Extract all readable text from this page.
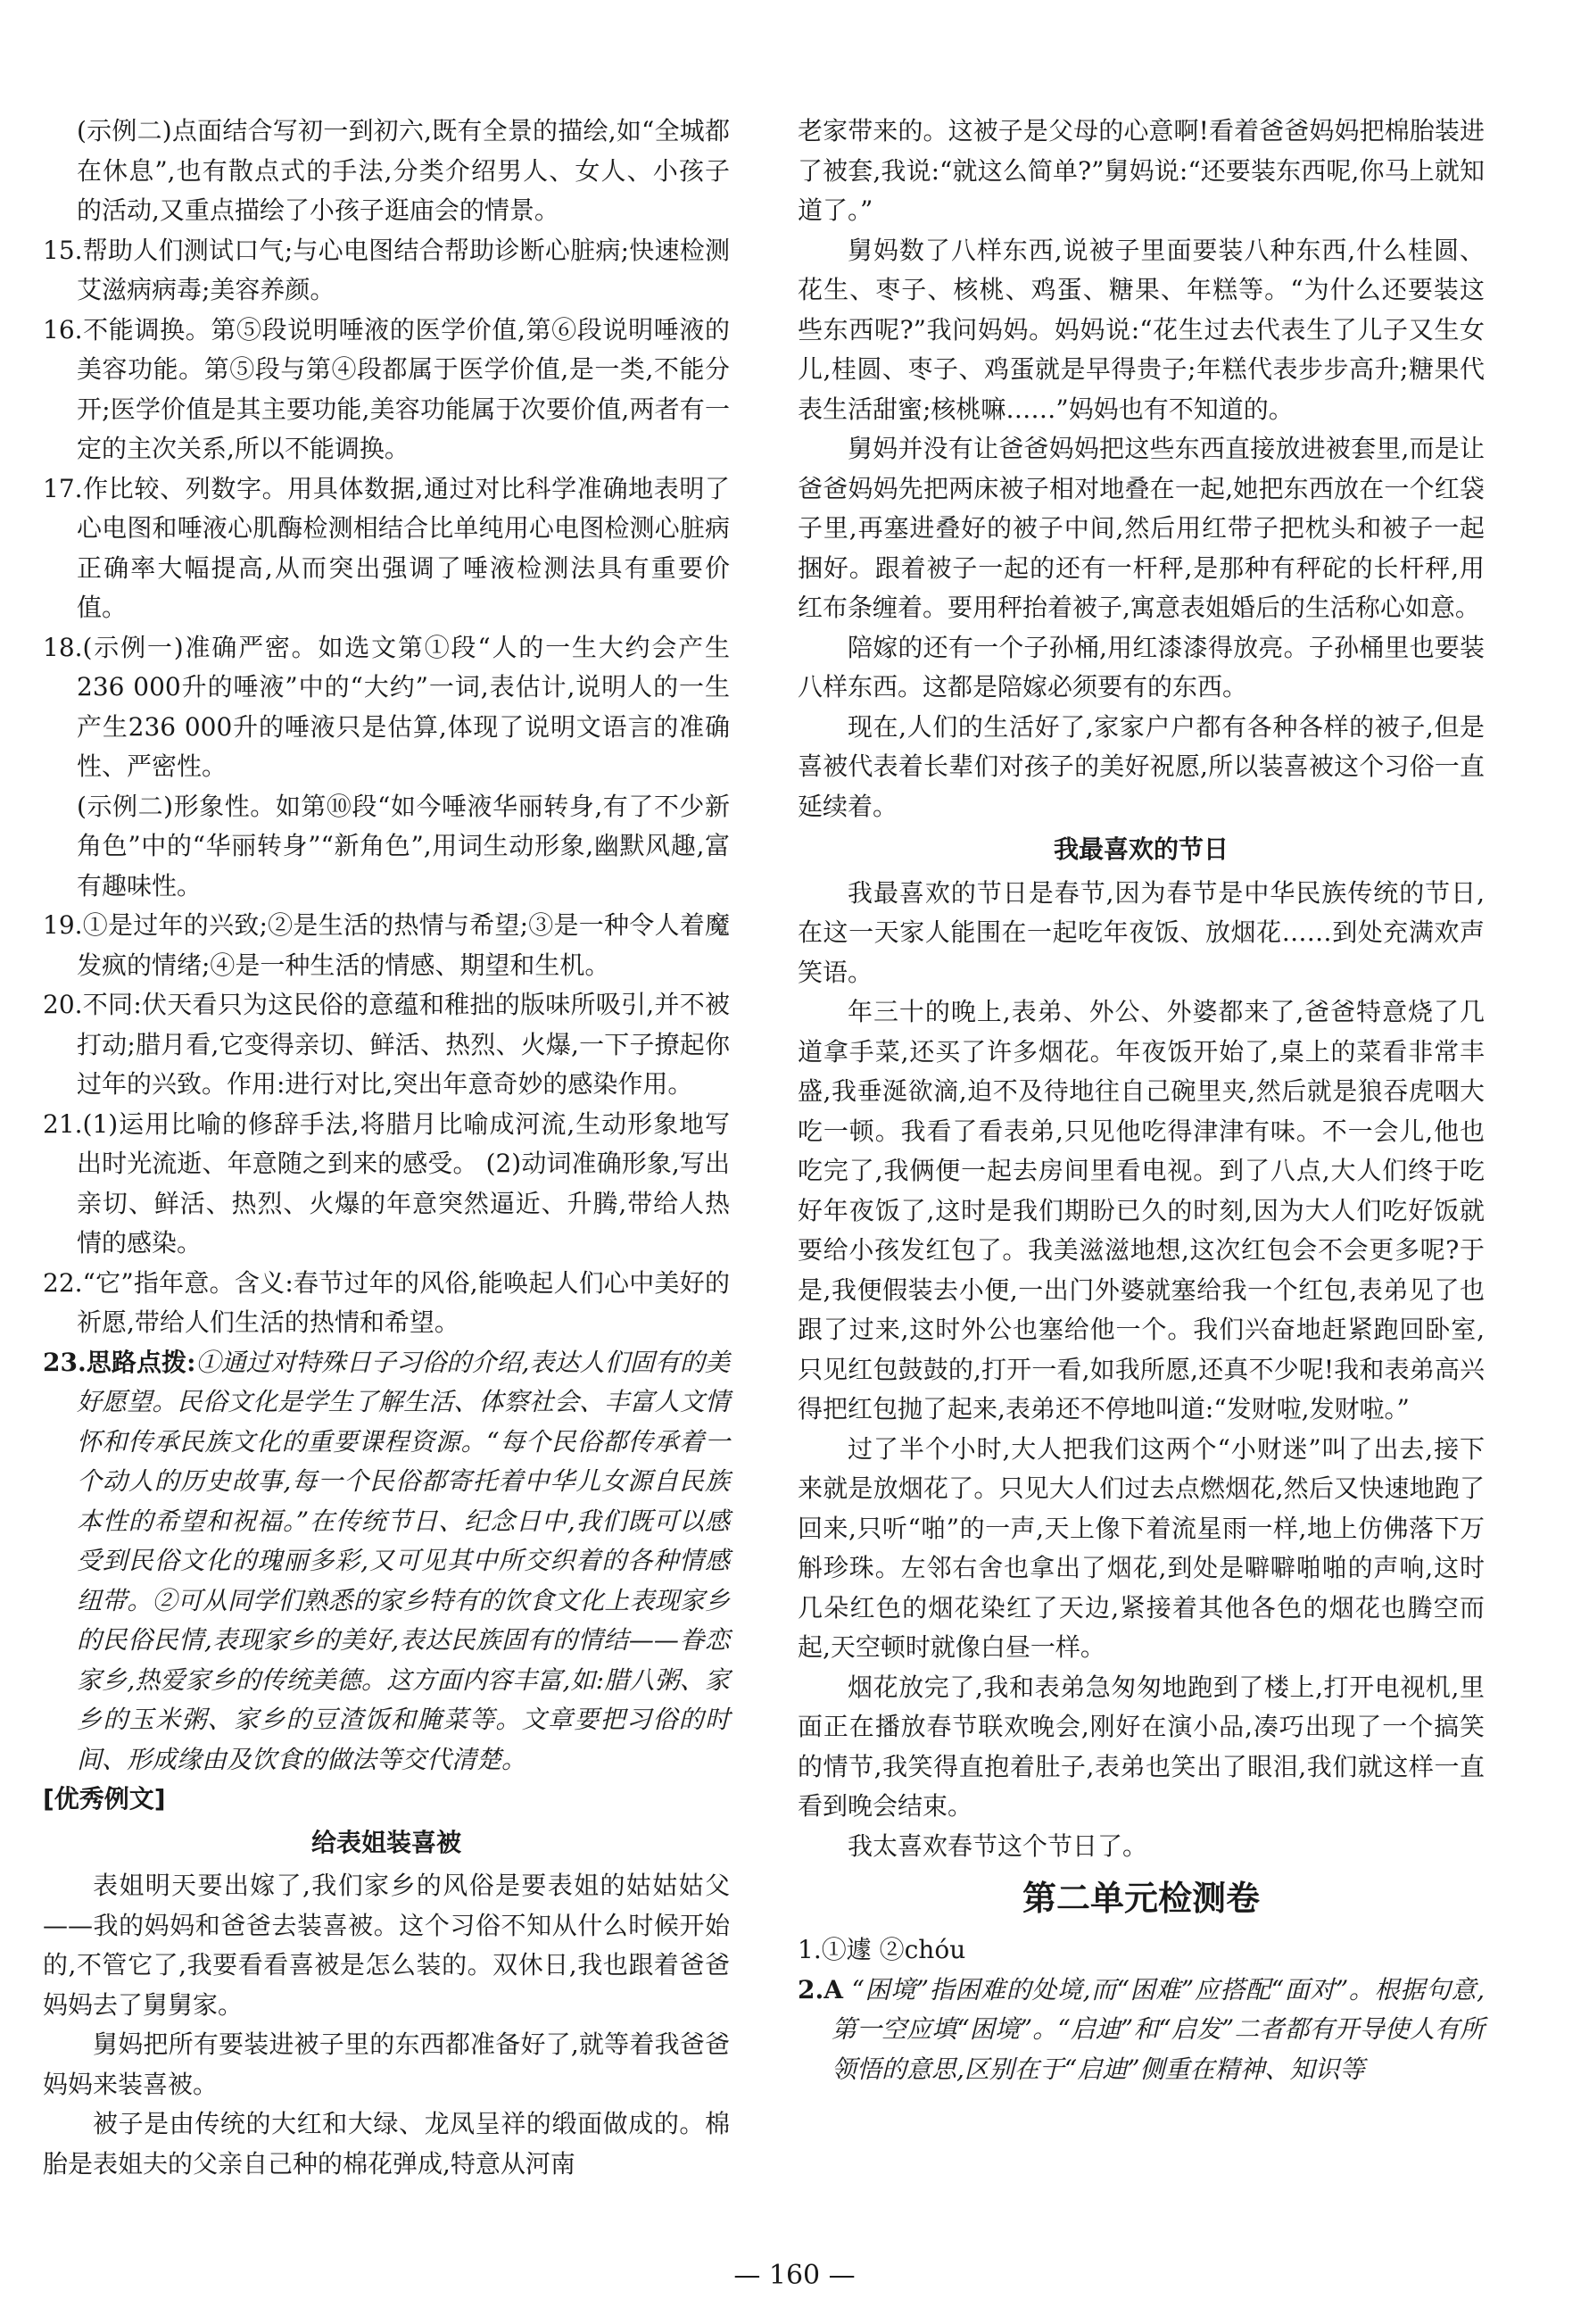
(示例二)点面结合写初一到初六,既有全景的描绘,如“全城都在休息”,也有散点式的手法,分类介绍男人、女人、小孩子的活动,又重点描绘了小孩子逛庙会的情景。

15.帮助人们测试口气;与心电图结合帮助诊断心脏病;快速检测艾滋病病毒;美容养颜。

16.不能调换。第⑤段说明唾液的医学价值,第⑥段说明唾液的美容功能。第⑤段与第④段都属于医学价值,是一类,不能分开;医学价值是其主要功能,美容功能属于次要价值,两者有一定的主次关系,所以不能调换。

17.作比较、列数字。用具体数据,通过对比科学准确地表明了心电图和唾液心肌酶检测相结合比单纯用心电图检测心脏病正确率大幅提高,从而突出强调了唾液检测法具有重要价值。

18.(示例一)准确严密。如选文第①段“人的一生大约会产生236 000升的唾液”中的“大约”一词,表估计,说明人的一生产生236 000升的唾液只是估算,体现了说明文语言的准确性、严密性。

(示例二)形象性。如第⑩段“如今唾液华丽转身,有了不少新角色”中的“华丽转身”“新角色”,用词生动形象,幽默风趣,富有趣味性。

19.①是过年的兴致;②是生活的热情与希望;③是一种令人着魔发疯的情绪;④是一种生活的情感、期望和生机。

20.不同:伏天看只为这民俗的意蕴和稚拙的版味所吸引,并不被打动;腊月看,它变得亲切、鲜活、热烈、火爆,一下子撩起你过年的兴致。作用:进行对比,突出年意奇妙的感染作用。

21.(1)运用比喻的修辞手法,将腊月比喻成河流,生动形象地写出时光流逝、年意随之到来的感受。 (2)动词准确形象,写出亲切、鲜活、热烈、火爆的年意突然逼近、升腾,带给人热情的感染。

22.“它”指年意。含义:春节过年的风俗,能唤起人们心中美好的祈愿,带给人们生活的热情和希望。

23.思路点拨:①通过对特殊日子习俗的介绍,表达人们固有的美好愿望。民俗文化是学生了解生活、体察社会、丰富人文情怀和传承民族文化的重要课程资源。“每个民俗都传承着一个动人的历史故事,每一个民俗都寄托着中华儿女源自民族本性的希望和祝福。”在传统节日、纪念日中,我们既可以感受到民俗文化的瑰丽多彩,又可见其中所交织着的各种情感纽带。②可从同学们熟悉的家乡特有的饮食文化上表现家乡的民俗民情,表现家乡的美好,表达民族固有的情结——眷恋家乡,热爱家乡的传统美德。这方面内容丰富,如:腊八粥、家乡的玉米粥、家乡的豆渣饭和腌菜等。文章要把习俗的时间、形成缘由及饮食的做法等交代清楚。

[优秀例文]

给表姐装喜被

表姐明天要出嫁了,我们家乡的风俗是要表姐的姑姑姑父——我的妈妈和爸爸去装喜被。这个习俗不知从什么时候开始的,不管它了,我要看看喜被是怎么装的。双休日,我也跟着爸爸妈妈去了舅舅家。

舅妈把所有要装进被子里的东西都准备好了,就等着我爸爸妈妈来装喜被。

被子是由传统的大红和大绿、龙凤呈祥的缎面做成的。棉胎是表姐夫的父亲自己种的棉花弹成,特意从河南

老家带来的。这被子是父母的心意啊!看着爸爸妈妈把棉胎装进了被套,我说:“就这么简单?”舅妈说:“还要装东西呢,你马上就知道了。”

舅妈数了八样东西,说被子里面要装八种东西,什么桂圆、花生、枣子、核桃、鸡蛋、糖果、年糕等。“为什么还要装这些东西呢?”我问妈妈。妈妈说:“花生过去代表生了儿子又生女儿,桂圆、枣子、鸡蛋就是早得贵子;年糕代表步步高升;糖果代表生活甜蜜;核桃嘛……”妈妈也有不知道的。

舅妈并没有让爸爸妈妈把这些东西直接放进被套里,而是让爸爸妈妈先把两床被子相对地叠在一起,她把东西放在一个红袋子里,再塞进叠好的被子中间,然后用红带子把枕头和被子一起捆好。跟着被子一起的还有一杆秤,是那种有秤砣的长杆秤,用红布条缠着。要用秤抬着被子,寓意表姐婚后的生活称心如意。

陪嫁的还有一个子孙桶,用红漆漆得放亮。子孙桶里也要装八样东西。这都是陪嫁必须要有的东西。

现在,人们的生活好了,家家户户都有各种各样的被子,但是喜被代表着长辈们对孩子的美好祝愿,所以装喜被这个习俗一直延续着。

我最喜欢的节日

我最喜欢的节日是春节,因为春节是中华民族传统的节日,在这一天家人能围在一起吃年夜饭、放烟花……到处充满欢声笑语。

年三十的晚上,表弟、外公、外婆都来了,爸爸特意烧了几道拿手菜,还买了许多烟花。年夜饭开始了,桌上的菜看非常丰盛,我垂涎欲滴,迫不及待地往自己碗里夹,然后就是狼吞虎咽大吃一顿。我看了看表弟,只见他吃得津津有味。不一会儿,他也吃完了,我俩便一起去房间里看电视。到了八点,大人们终于吃好年夜饭了,这时是我们期盼已久的时刻,因为大人们吃好饭就要给小孩发红包了。我美滋滋地想,这次红包会不会更多呢?于是,我便假装去小便,一出门外婆就塞给我一个红包,表弟见了也跟了过来,这时外公也塞给他一个。我们兴奋地赶紧跑回卧室,只见红包鼓鼓的,打开一看,如我所愿,还真不少呢!我和表弟高兴得把红包抛了起来,表弟还不停地叫道:“发财啦,发财啦。”

过了半个小时,大人把我们这两个“小财迷”叫了出去,接下来就是放烟花了。只见大人们过去点燃烟花,然后又快速地跑了回来,只听“啪”的一声,天上像下着流星雨一样,地上仿佛落下万斛珍珠。左邻右舍也拿出了烟花,到处是噼噼啪啪的声响,这时几朵红色的烟花染红了天边,紧接着其他各色的烟花也腾空而起,天空顿时就像白昼一样。

烟花放完了,我和表弟急匆匆地跑到了楼上,打开电视机,里面正在播放春节联欢晚会,刚好在演小品,凑巧出现了一个搞笑的情节,我笑得直抱着肚子,表弟也笑出了眼泪,我们就这样一直看到晚会结束。

我太喜欢春节这个节日了。

第二单元检测卷

1.①遽 ②chóu

2.A “困境”指困难的处境,而“困难”应搭配“面对”。根据句意,第一空应填“困境”。“启迪”和“启发”二者都有开导使人有所领悟的意思,区别在于“启迪”侧重在精神、知识等

— 160 —
